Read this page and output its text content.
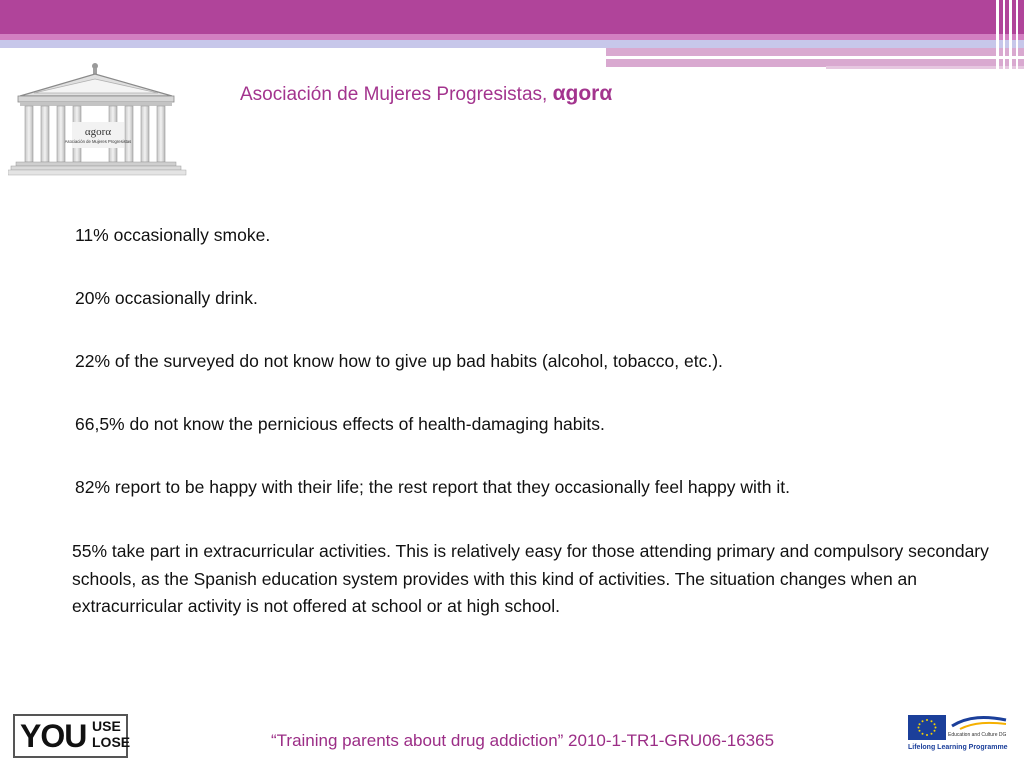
αgorα
Asociación de Mujeres Progresistas
Asociación de Mujeres Progresistas, αgorα
11% occasionally smoke.
20% occasionally drink.
22% of the surveyed do not know how to give up bad habits (alcohol, tobacco, etc.).
66,5% do not know the pernicious effects of health-damaging habits.
82% report to be happy with their life; the rest report that they occasionally feel happy with it.
55% take part in extracurricular activities. This is relatively easy for those attending primary and compulsory secondary schools, as the Spanish education system provides with this kind of activities. The situation changes when an extracurricular activity is not offered at school or at high school.
YOU USE
LOSE	“Training parents about drug addiction” 2010-1-TR1-GRU06-16365	Education and Culture DG
Lifelong Learning Programme
